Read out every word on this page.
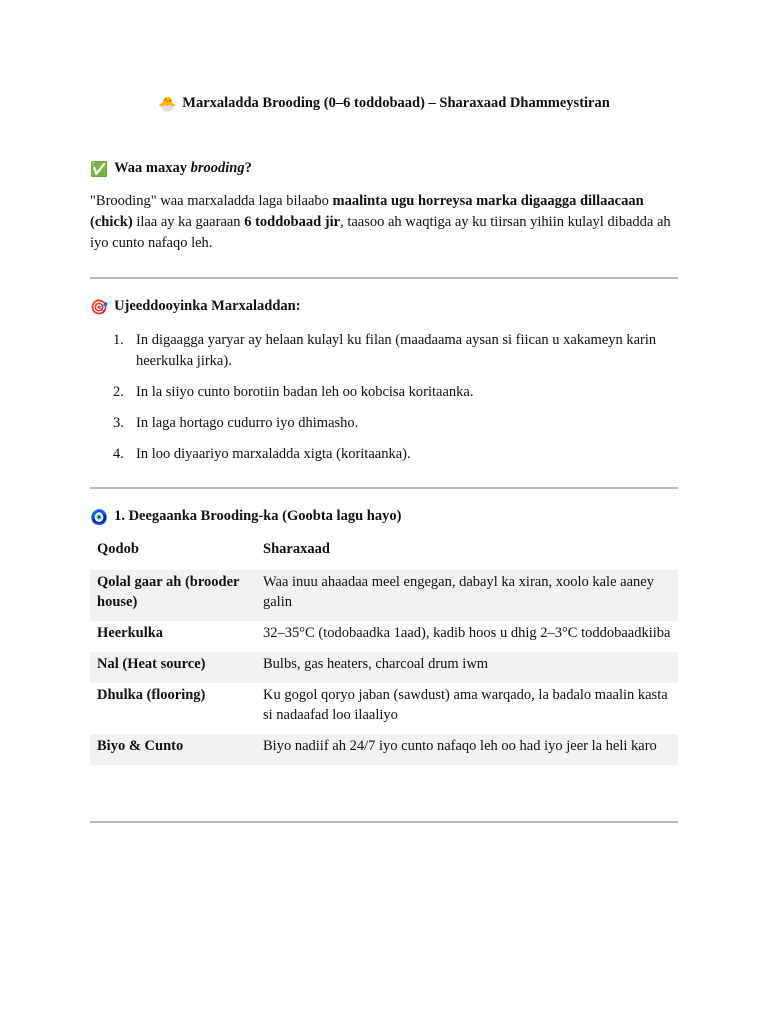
🐣 Marxaladda Brooding (0–6 toddobaad) – Sharaxaad Dhammeystiran
✅ Waa maxay brooding?
"Brooding" waa marxaladda laga bilaabo maalinta ugu horreysa marka digaagga dillaacaan (chick) ilaa ay ka gaaraan 6 toddobaad jir, taasoo ah waqtiga ay ku tiirsan yihiin kulayl dibadda ah iyo cunto nafaqo leh.
🎯 Ujeeddooyinka Marxaladdan:
1. In digaagga yaryar ay helaan kulayl ku filan (maadaama aysan si fiican u xakameyn karin heerkulka jirka).
2. In la siiyo cunto borotiin badan leh oo kobcisa koritaanka.
3. In laga hortago cudurro iyo dhimasho.
4. In loo diyaariyo marxaladda xigta (koritaanka).
🧿 1. Deegaanka Brooding-ka (Goobta lagu hayo)
Qodob	Sharaxaad
Qolal gaar ah (brooder house)	Waa inuu ahaadaa meel engegan, dabayl ka xiran, xoolo kale aaney galin
Heerkulka	32–35°C (todobaadka 1aad), kadib hoos u dhig 2–3°C toddobaadkiiba
Nal (Heat source)	Bulbs, gas heaters, charcoal drum iwm
Dhulka (flooring)	Ku gogol qoryo jaban (sawdust) ama warqado, la badalo maalin kasta si nadaafad loo ilaaliyo
Biyo & Cunto	Biyo nadiif ah 24/7 iyo cunto nafaqo leh oo had iyo jeer la heli karo
